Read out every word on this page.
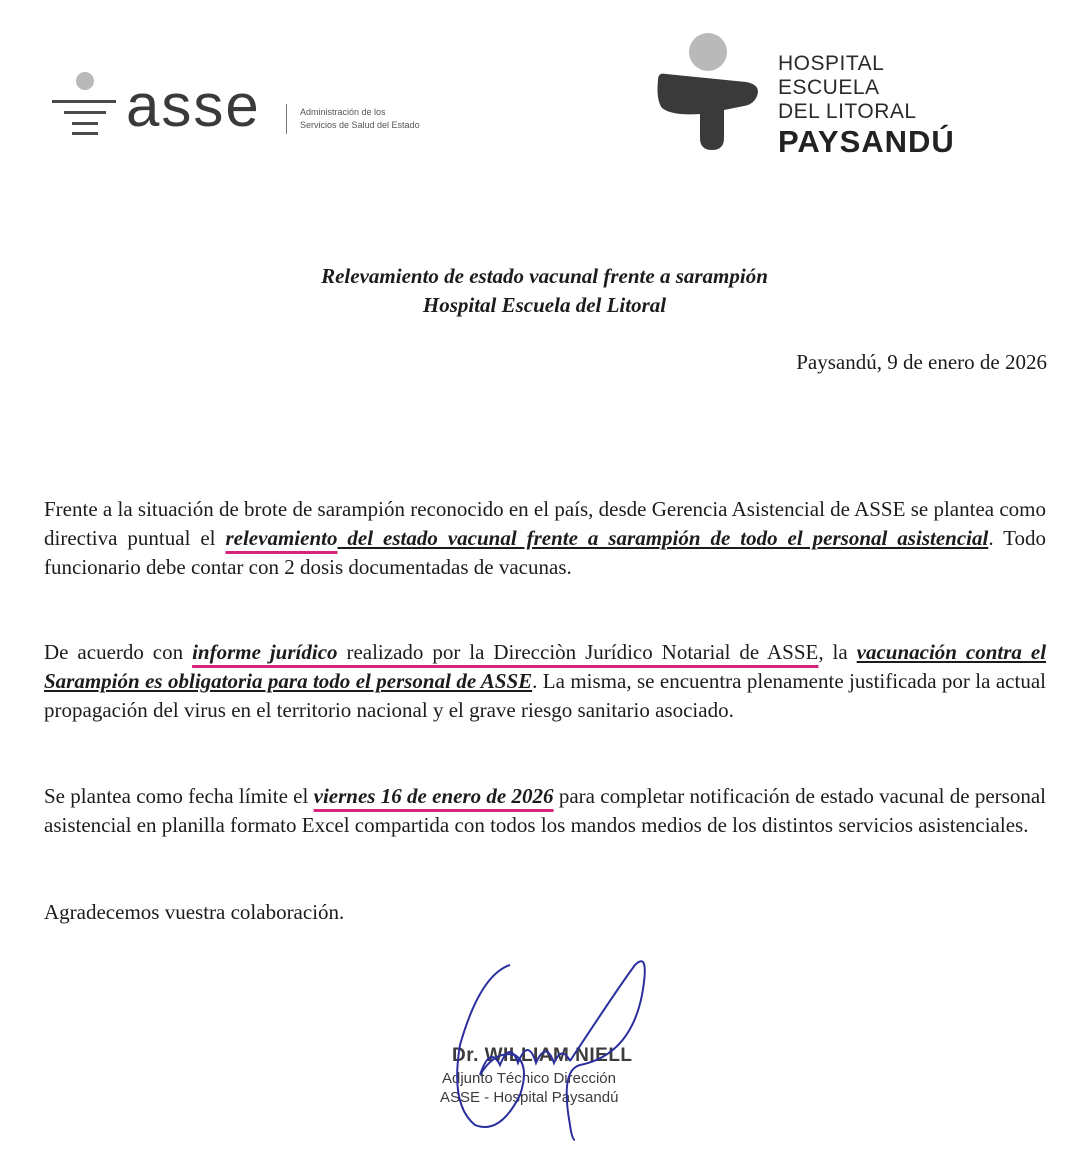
asse	Administración de los
Servicios de Salud del Estado
HOSPITAL ESCUELA
DEL LITORAL
PAYSANDÚ
Relevamiento de estado vacunal frente a sarampión
Hospital Escuela del Litoral
Paysandú, 9 de enero de 2026
Frente a la situación de brote de sarampión reconocido en el país, desde Gerencia Asistencial de ASSE se plantea como directiva puntual el relevamiento del estado vacunal frente a sarampión de todo el personal asistencial. Todo funcionario debe contar con 2 dosis documentadas de vacunas.
De acuerdo con informe jurídico realizado por la Direcciòn Jurídico Notarial de ASSE, la vacunación contra el Sarampión es obligatoria para todo el personal de ASSE. La misma, se encuentra plenamente justificada por la actual propagación del virus en el territorio nacional y el grave riesgo sanitario asociado.
Se plantea como fecha límite el viernes 16 de enero de 2026 para completar notificación de estado vacunal de personal asistencial en planilla formato Excel compartida con todos los mandos medios de los distintos servicios asistenciales.
Agradecemos vuestra colaboración.
Dr. WILLIAM NIELL
Adjunto Técnico Dirección
ASSE - Hospital Paysandú
